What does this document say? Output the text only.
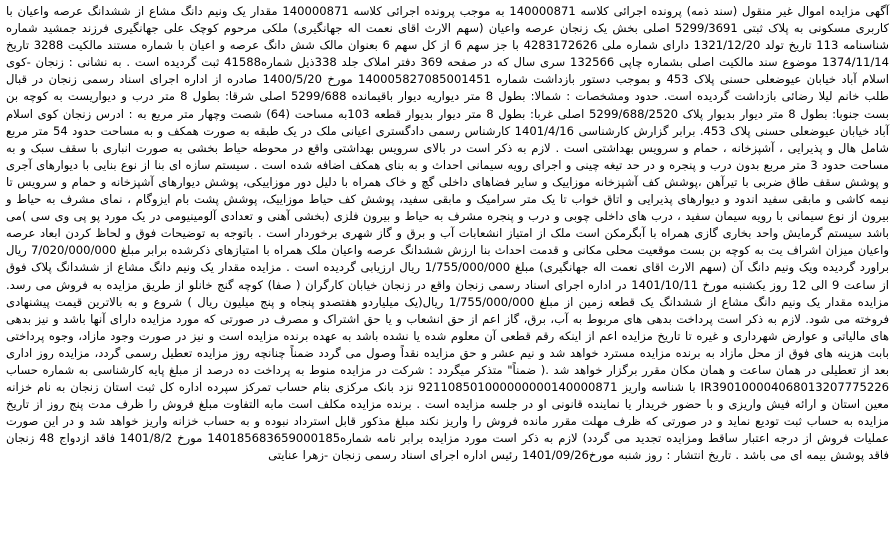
آگهی مزایده اموال غیر منقول (سند ذمه) پرونده اجرائی کلاسه 140000871 به موجب پرونده اجرائی کلاسه 140000871 مقدار یک ونیم دانگ مشاع از ششدانگ عرصه واعیان با کاربری مسکونی به پلاک ثبتی 5299/3691 اصلی بخش یک زنجان عرصه واعیان (سهم الارث اقای نعمت اله جهانگیری) ملکی مرحوم کوچک علی جهانگیری فرزند جمشید شماره شناسنامه 113 تاریخ تولد 1321/12/20 دارای شماره ملی 4283172626 با جز سهم 6 از کل سهم 6 بعنوان مالک شش دانگ عرصه و اعیان با شماره مستند مالکیت 3288 تاریخ 1374/11/14 موضوع سند مالکیت اصلی بشماره چاپی 132566 سری سال که در صفحه 369 دفتر املاک جلد 338ذیل شماره41588 ثبت گردیده است . به نشانی : زنجان -کوی اسلام آباد خیابان عیوضعلی حسنی پلاک 453 و بموجب دستور بازداشت شماره 140005827085001451 مورخ 1400/5/20 صادره از اداره اجرای اسناد رسمی زنجان در قبال طلب خانم لیلا رضائی بازداشت گردیده است. حدود ومشخصات : شمالا: بطول 8 متر دیواریه دیوار باقیمانده 5299/688 اصلی شرقا: بطول 8 متر درب و دیواریست به کوچه بن بست جنوبا: بطول 8 متر دیوار بدیوار پلاک 5299/688/2520 اصلی غربا: بطول 8 متر دیوار بدیوار قطعه 103به مساحت (64) شصت وچهار متر مربع به : ادرس زنجان کوی اسلام آباد خیابان عیوضعلی حسنی پلاک 453. برابر گزارش کارشناسی 1401/4/16 کارشناس رسمی دادگستری اعیانی ملک در یک طبقه به صورت همکف و به مساحت حدود 54 متر مربع شامل هال و پذیرایی ، آشپزخانه ، حمام و سرویس بهداشتی است . لازم به ذکر است در بالای سرویس بهداشتی واقع در محوطه حیاط بخشی به صورت انباری با سقف سبک و به مساحت حدود 3 متر مربع بدون درب و پنجره و در حد تیغه چینی و اجرای رویه سیمانی احداث و به بنای همکف اضافه شده است . سیستم سازه ای بنا از نوع بنایی با دیوارهای آجری و پوشش سقف طاق ضربی با تیرآهن ،پوشش کف آشپزخانه موزاییک و سایر فضاهای داخلی گچ و خاک همراه با دلیل دور موزاییکی، پوشش دیوارهای آشپزخانه و حمام و سرویس تا نیمه کاشی و مابقی سفید اندود و دیوارهای پذیرایی و اتاق خواب تا یک متر سرامیک و مابقی سفید، پوشش کف حیاط موزاییک، پوشش پشت بام ایزوگام ، نمای مشرف به حیاط و بیرون از نوع سیمانی با رویه سیمان سفید ، درب های داخلی چوبی و درب و پنجره مشرف به حیاط و بیرون فلزی (بخشی آهنی و تعدادی آلومینیومی در یک مورد پو پی وی سی )می باشد سیستم گرمایش واحد بخاری گازی همراه با آبگرمکن است ملک از امتیاز انشعابات آب و برق و گاز شهری برخوردار است . باتوجه به توضیحات فوق و لحاظ کردن ابعاد عرصه واعیان میزان اشراف یت به کوچه بن بست موقعیت محلی مکانی و قدمت احداث بنا ارزش ششدانگ عرصه واعیان ملک همراه با امتیازهای ذکرشده برابر مبلغ 7/020/000/000 ریال براورد گردیده ویک ونیم دانگ آن (سهم الارث اقای نعمت اله جهانگیری) مبلغ 1/755/000/000 ریال ارزیابی گردیده است . مزایده مقدار یک ونیم دانگ مشاع از ششدانگ پلاک فوق از ساعت 9 الی 12 روز یکشنبه مورخ 1401/10/11 در اداره اجرای اسناد رسمی زنجان واقع در زنجان خیابان کارگران ( صفا) کوچه گنج خانلو از طریق مزایده به فروش می رسد. مزایده مقدار یک ونیم دانگ مشاع از ششدانگ یک قطعه زمین از مبلغ 1/755/000/000 ریال(یک میلیاردو هفتصدو پنجاه و پنج میلیون ریال ) شروع و به بالاترین قیمت پیشنهادی فروخته می شود. لازم به ذکر است پرداخت بدهی های مربوط به آب، برق، گاز اعم از حق انشعاب و یا حق اشتراک و مصرف در صورتی که مورد مزایده دارای آنها باشد و نیز بدهی های مالیاتی و عوارض شهرداری و غیره تا تاریخ مزایده اعم از اینکه رقم قطعی آن معلوم شده یا نشده باشد به عهده برنده مزایده است و نیز در صورت وجود مازاد، وجوه پرداختی بابت هزینه های فوق از محل مازاد به برنده مزایده مسترد خواهد شد و نیم عشر و حق مزایده نقداً وصول می گردد ضمناً چنانچه روز مزایده تعطیل رسمی گردد، مزایده روز اداری بعد از تعطیلی در همان ساعت و همان مکان مقرر برگزار خواهد شد .( ضمناً" متذکر میگردد : شرکت در مزایده منوط به پرداخت ده درصد از مبلغ پایه کارشناسی به شماره حساب IR390100004068013207775226 با شناسه واریز 921108501000000000140000871 نزد بانک مرکزی بنام حساب تمرکز سپرده اداره کل ثبت استان زنجان به نام خزانه معین استان و ارائه فیش واریزی و با حضور خریدار یا نماینده قانونی او در جلسه مزایده است . برنده مزایده مکلف است مابه التفاوت مبلغ فروش را ظرف مدت پنج روز از تاریخ مزایده به حساب ثبت تودیع نماید و در صورتی که ظرف مهلت مقرر مانده فروش را واریز نکند مبلغ مذکور قابل استرداد نبوده و به حساب خزانه واریز خواهد شد و در این صورت عملیات فروش از درجه اعتبار ساقط ومزایده تجدید می گردد) لازم به ذکر است مورد مزایده برابر نامه شماره140185683659000185 مورخ 1401/8/2 فاقد ازدواج 48 زنجان فاقد پوشش بیمه ای می باشد . تاریخ انتشار : روز شنبه مورخ1401/09/26 رئیس اداره اجرای اسناد رسمی زنجان -زهرا عنایتی
